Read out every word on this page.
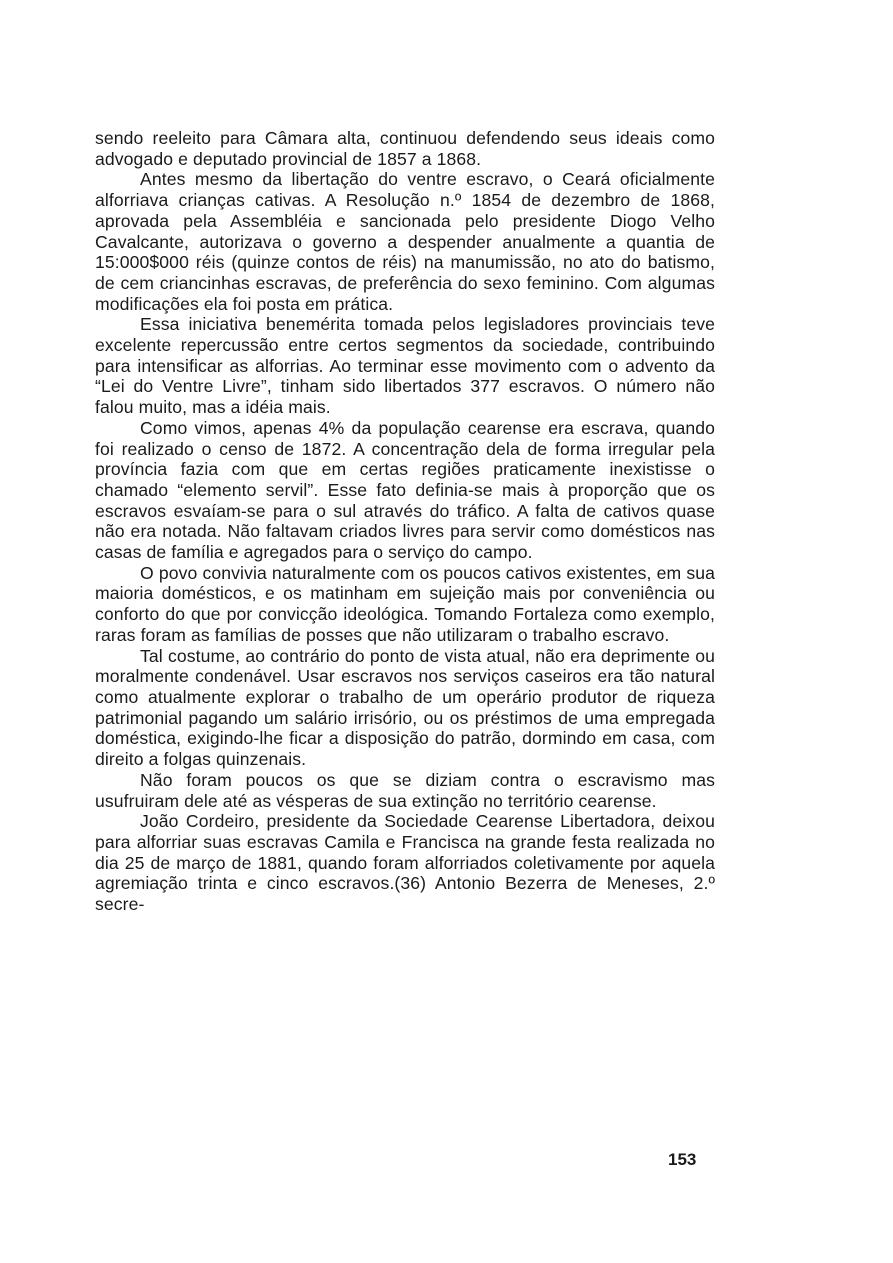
sendo reeleito para Câmara alta, continuou defendendo seus ideais como advogado e deputado provincial de 1857 a 1868.

Antes mesmo da libertação do ventre escravo, o Ceará oficialmente alforriava crianças cativas. A Resolução n.º 1854 de dezembro de 1868, aprovada pela Assembléia e sancionada pelo presidente Diogo Velho Cavalcante, autorizava o governo a despender anualmente a quantia de 15:000$000 réis (quinze contos de réis) na manumissão, no ato do batismo, de cem criancinhas escravas, de preferência do sexo feminino. Com algumas modificações ela foi posta em prática.

Essa iniciativa benemérita tomada pelos legisladores provinciais teve excelente repercussão entre certos segmentos da sociedade, contribuindo para intensificar as alforrias. Ao terminar esse movimento com o advento da “Lei do Ventre Livre”, tinham sido libertados 377 escravos. O número não falou muito, mas a idéia mais.

Como vimos, apenas 4% da população cearense era escrava, quando foi realizado o censo de 1872. A concentração dela de forma irregular pela província fazia com que em certas regiões praticamente inexistisse o chamado “elemento servil”. Esse fato definia-se mais à proporção que os escravos esvaíam-se para o sul através do tráfico. A falta de cativos quase não era notada. Não faltavam criados livres para servir como domésticos nas casas de família e agregados para o serviço do campo.

O povo convivia naturalmente com os poucos cativos existentes, em sua maioria domésticos, e os matinham em sujeição mais por conveniência ou conforto do que por convicção ideológica. Tomando Fortaleza como exemplo, raras foram as famílias de posses que não utilizaram o trabalho escravo.

Tal costume, ao contrário do ponto de vista atual, não era deprimente ou moralmente condenável. Usar escravos nos serviços caseiros era tão natural como atualmente explorar o trabalho de um operário produtor de riqueza patrimonial pagando um salário irrisório, ou os préstimos de uma empregada doméstica, exigindo-lhe ficar a disposição do patrão, dormindo em casa, com direito a folgas quinzenais.

Não foram poucos os que se diziam contra o escravismo mas usufruiram dele até as vésperas de sua extinção no território cearense.

João Cordeiro, presidente da Sociedade Cearense Libertadora, deixou para alforriar suas escravas Camila e Francisca na grande festa realizada no dia 25 de março de 1881, quando foram alforriados coletivamente por aquela agremiação trinta e cinco escravos.(36) Antonio Bezerra de Meneses, 2.º secre-

153
